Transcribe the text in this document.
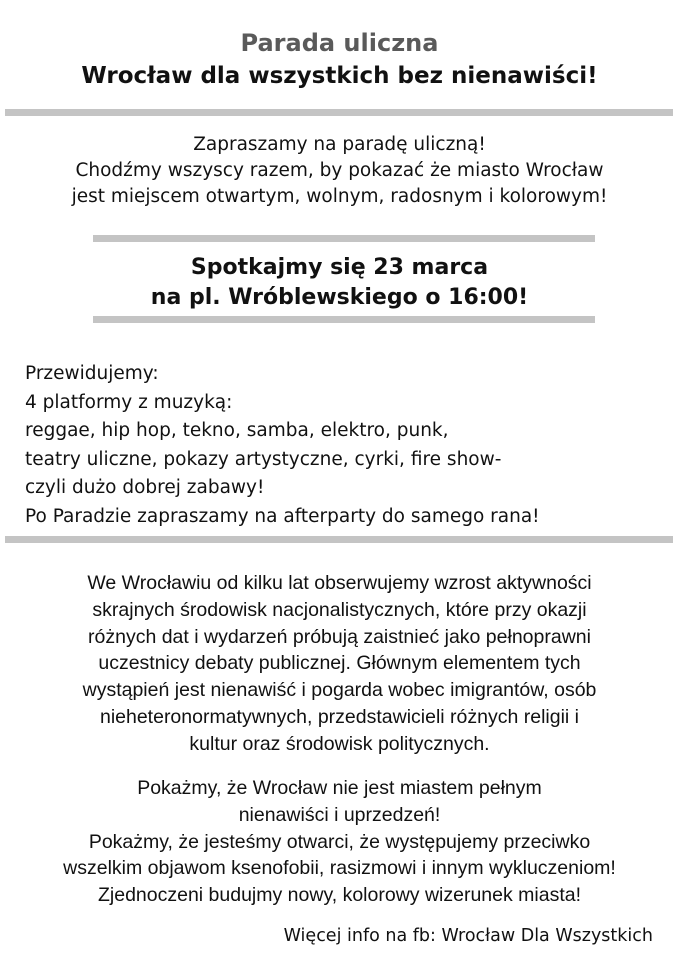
Parada uliczna
Wrocław dla wszystkich bez nienawiści!
Zapraszamy na paradę uliczną!
Chodźmy wszyscy razem, by pokazać że miasto Wrocław
jest miejscem otwartym, wolnym, radosnym i kolorowym!
Spotkajmy się 23 marca
na pl. Wróblewskiego o 16:00!
Przewidujemy:
4 platformy z muzyką:
reggae, hip hop, tekno, samba, elektro, punk,
teatry uliczne, pokazy artystyczne, cyrki, fire show-
czyli dużo dobrej zabawy!
Po Paradzie zapraszamy na afterparty do samego rana!
We Wrocławiu od kilku lat obserwujemy wzrost aktywności
skrajnych środowisk nacjonalistycznych, które przy okazji
różnych dat i wydarzeń próbują zaistnieć jako pełnoprawni
uczestnicy debaty publicznej. Głównym elementem tych
wystąpień jest nienawiść i pogarda wobec imigrantów, osób
nieheteronormatywnych, przedstawicieli różnych religii i
kultur oraz środowisk politycznych.
Pokażmy, że Wrocław nie jest miastem pełnym
nienawiści i uprzedzeń!
Pokażmy, że jesteśmy otwarci, że występujemy przeciwko
wszelkim objawom ksenofobii, rasizmowi i innym wykluczeniom!
Zjednoczeni budujmy nowy, kolorowy wizerunek miasta!
Więcej info na fb: Wrocław Dla Wszystkich
